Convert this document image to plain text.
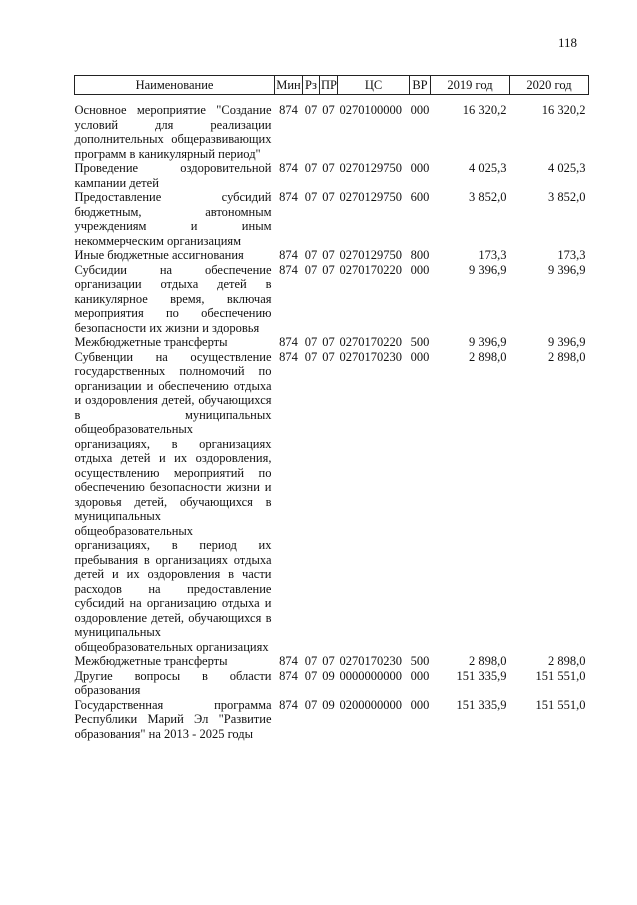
118
Наименование	Мин	Рз	ПР	ЦС	ВР	2019 год	2020 год

Основное мероприятие "Создание условий для реализации дополнительных общеразвивающих программ в каникулярный период"	874	07	07	0270100000	000	16 320,2	16 320,2
Проведение оздоровительной кампании детей	874	07	07	0270129750	000	4 025,3	4 025,3
Предоставление субсидий бюджетным, автономным учреждениям и иным некоммерческим организациям	874	07	07	0270129750	600	3 852,0	3 852,0
Иные бюджетные ассигнования	874	07	07	0270129750	800	173,3	173,3
Субсидии на обеспечение организации отдыха детей в каникулярное время, включая мероприятия по обеспечению безопасности их жизни и здоровья	874	07	07	0270170220	000	9 396,9	9 396,9
Межбюджетные трансферты	874	07	07	0270170220	500	9 396,9	9 396,9
Субвенции на осуществление государственных полномочий по организации и обеспечению отдыха и оздоровления детей, обучающихся в муниципальных общеобразовательных организациях, в организациях отдыха детей и их оздоровления, осуществлению мероприятий по обеспечению безопасности жизни и здоровья детей, обучающихся в муниципальных общеобразовательных организациях, в период их пребывания в организациях отдыха детей и их оздоровления в части расходов на предоставление субсидий на организацию отдыха и оздоровление детей, обучающихся в муниципальных общеобразовательных организациях	874	07	07	0270170230	000	2 898,0	2 898,0
Межбюджетные трансферты	874	07	07	0270170230	500	2 898,0	2 898,0
Другие вопросы в области образования	874	07	09	0000000000	000	151 335,9	151 551,0
Государственная программа Республики Марий Эл "Развитие образования" на 2013 - 2025 годы	874	07	09	0200000000	000	151 335,9	151 551,0
